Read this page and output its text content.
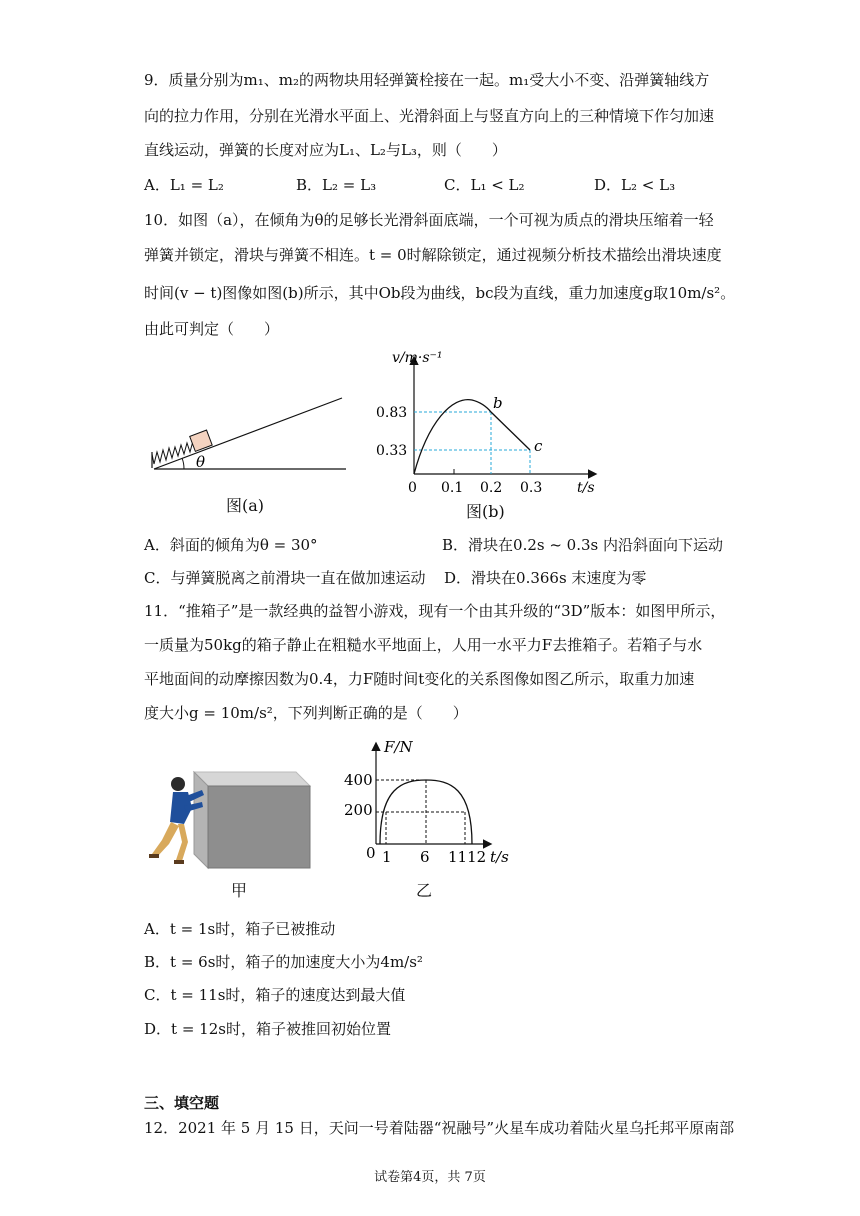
9．质量分别为m₁、m₂的两物块用轻弹簧栓接在一起。m₁受大小不变、沿弹簧轴线方
向的拉力作用，分别在光滑水平面上、光滑斜面上与竖直方向上的三种情境下作匀加速
直线运动，弹簧的长度对应为L₁、L₂与L₃，则（　　）
A．L₁ = L₂	B．L₂ = L₃	C．L₁ < L₂	D．L₂ < L₃
10．如图（a），在倾角为θ的足够长光滑斜面底端，一个可视为质点的滑块压缩着一轻
弹簧并锁定，滑块与弹簧不相连。t = 0时解除锁定，通过视频分析技术描绘出滑块速度
时间(v − t)图像如图(b)所示，其中Ob段为曲线，bc段为直线，重力加速度g取10m/s²。
由此可判定（　　）
θ
图(a)
v/m·s⁻¹
t/s
0
0.83
0.33
0.1 0.2 0.3
b
c
图(b)
A．斜面的倾角为θ = 30°	B．滑块在0.2s ~ 0.3s 内沿斜面向下运动
C．与弹簧脱离之前滑块一直在做加速运动 D．滑块在0.366s 末速度为零
11．“推箱子”是一款经典的益智小游戏，现有一个由其升级的“3D”版本：如图甲所示，
一质量为50kg的箱子静止在粗糙水平地面上，人用一水平力F去推箱子。若箱子与水
平地面间的动摩擦因数为0.4，力F随时间t变化的关系图像如图乙所示，取重力加速
度大小g = 10m/s²，下列判断正确的是（　　）
甲
F/N
t/s
0
400
200
1 6 1112
乙
A．t = 1s时，箱子已被推动
B．t = 6s时，箱子的加速度大小为4m/s²
C．t = 11s时，箱子的速度达到最大值
D．t = 12s时，箱子被推回初始位置
三、填空题
12．2021 年 5 月 15 日，天问一号着陆器“祝融号”火星车成功着陆火星乌托邦平原南部
试卷第4页，共 7页
